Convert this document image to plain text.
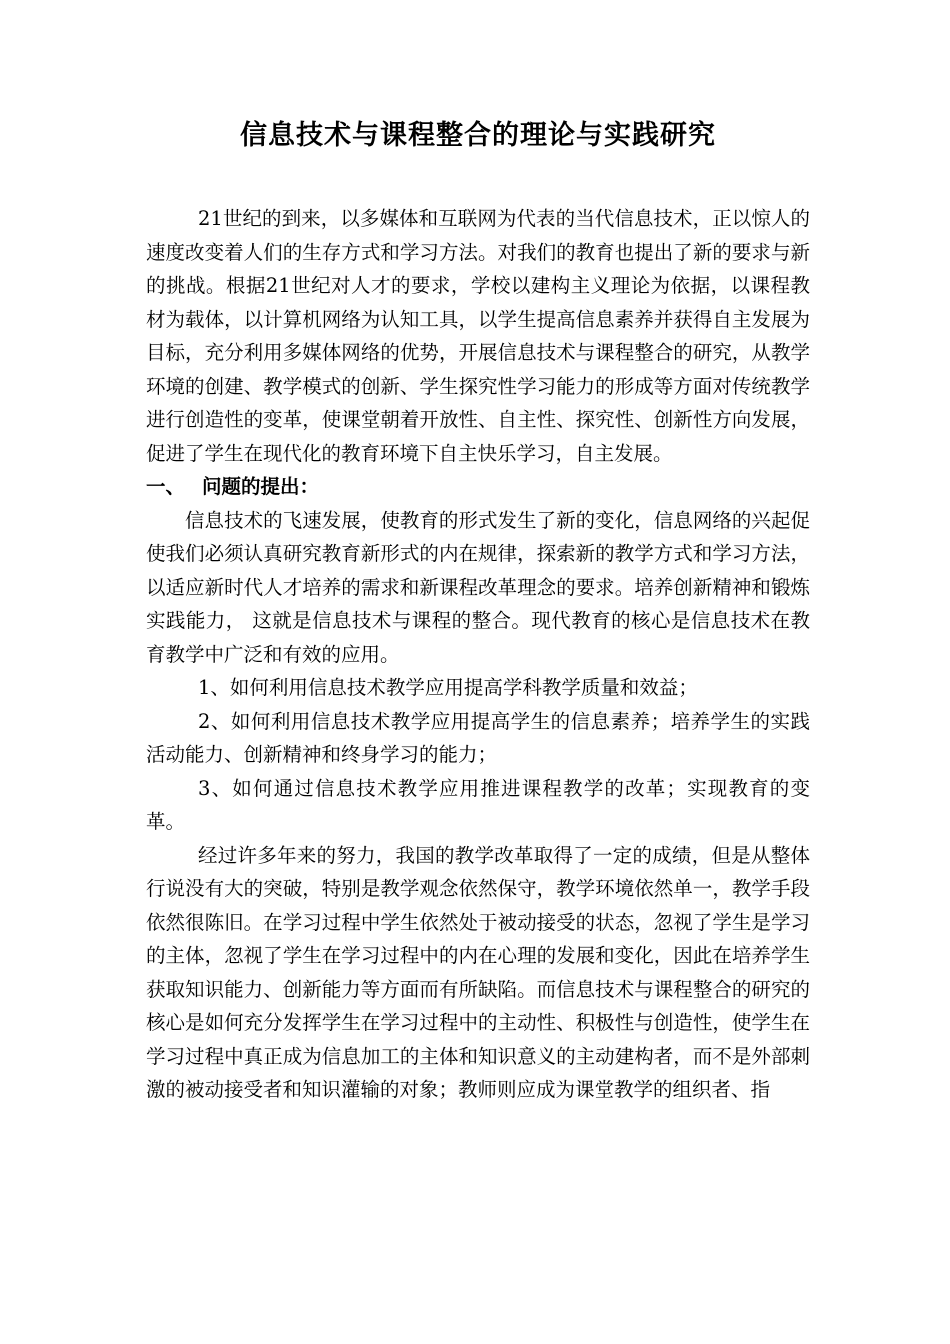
信息技术与课程整合的理论与实践研究

21世纪的到来，以多媒体和互联网为代表的当代信息技术，正以惊人的速度改变着人们的生存方式和学习方法。对我们的教育也提出了新的要求与新的挑战。根据21世纪对人才的要求，学校以建构主义理论为依据，以课程教材为载体，以计算机网络为认知工具，以学生提高信息素养并获得自主发展为目标，充分利用多媒体网络的优势，开展信息技术与课程整合的研究，从教学环境的创建、教学模式的创新、学生探究性学习能力的形成等方面对传统教学进行创造性的变革，使课堂朝着开放性、自主性、探究性、创新性方向发展，促进了学生在现代化的教育环境下自主快乐学习，自主发展。

一、 问题的提出：

信息技术的飞速发展，使教育的形式发生了新的变化，信息网络的兴起促使我们必须认真研究教育新形式的内在规律，探索新的教学方式和学习方法，以适应新时代人才培养的需求和新课程改革理念的要求。培养创新精神和锻炼实践能力， 这就是信息技术与课程的整合。现代教育的核心是信息技术在教育教学中广泛和有效的应用。

1、如何利用信息技术教学应用提高学科教学质量和效益；

2、如何利用信息技术教学应用提高学生的信息素养；培养学生的实践活动能力、创新精神和终身学习的能力；

3、如何通过信息技术教学应用推进课程教学的改革；实现教育的变革。

经过许多年来的努力，我国的教学改革取得了一定的成绩，但是从整体行说没有大的突破，特别是教学观念依然保守，教学环境依然单一，教学手段依然很陈旧。在学习过程中学生依然处于被动接受的状态，忽视了学生是学习的主体，忽视了学生在学习过程中的内在心理的发展和变化，因此在培养学生获取知识能力、创新能力等方面而有所缺陷。而信息技术与课程整合的研究的核心是如何充分发挥学生在学习过程中的主动性、积极性与创造性，使学生在学习过程中真正成为信息加工的主体和知识意义的主动建构者，而不是外部刺激的被动接受者和知识灌输的对象；教师则应成为课堂教学的组织者、指
